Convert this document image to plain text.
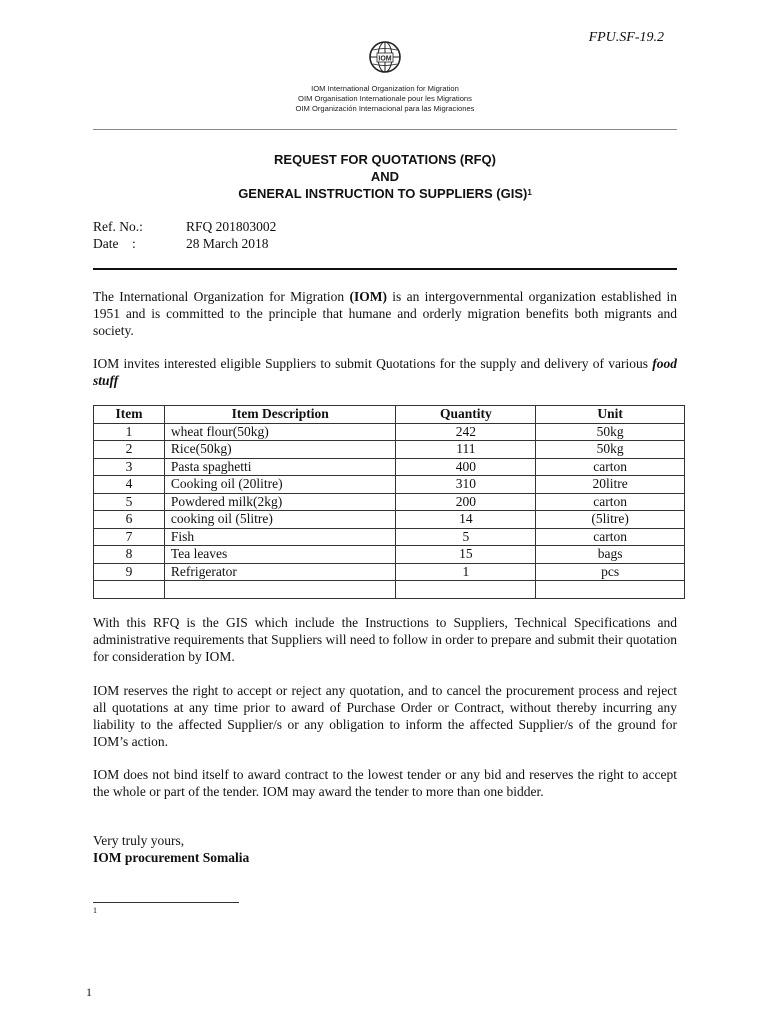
FPU.SF-19.2
IOM
IOM International Organization for Migration
OIM Organisation Internationale pour les Migrations
OIM Organización Internacional para las Migraciones
REQUEST FOR QUOTATIONS (RFQ)
AND
GENERAL INSTRUCTION TO SUPPLIERS (GIS)$^1$
Ref. No.:	RFQ 201803002
Date    :	28 March 2018
The International Organization for Migration (IOM) is an intergovernmental organization established in 1951 and is committed to the principle that humane and orderly migration benefits both migrants and society.
IOM invites interested eligible Suppliers to submit Quotations for the supply and delivery of various food stuff
Item	Item Description	Quantity	Unit
1	wheat flour(50kg)	242	50kg
2	Rice(50kg)	111	50kg
3	Pasta spaghetti	400	carton
4	Cooking oil (20litre)	310	20litre
5	Powdered milk(2kg)	200	carton
6	cooking oil (5litre)	14	(5litre)
7	Fish	5	carton
8	Tea leaves	15	bags
9	Refrigerator	1	pcs

With this RFQ is the GIS which include the Instructions to Suppliers, Technical Specifications and administrative requirements that Suppliers will need to follow in order to prepare and submit their quotation for consideration by IOM.
IOM reserves the right to accept or reject any quotation, and to cancel the procurement process and reject all quotations at any time prior to award of Purchase Order or Contract, without thereby incurring any liability to the affected Supplier/s or any obligation to inform the affected Supplier/s of the ground for IOM’s action.
IOM does not bind itself to award contract to the lowest tender or any bid and reserves the right to accept the whole or part of the tender. IOM may award the tender to more than one bidder.
Very truly yours,
IOM procurement Somalia
1
1
